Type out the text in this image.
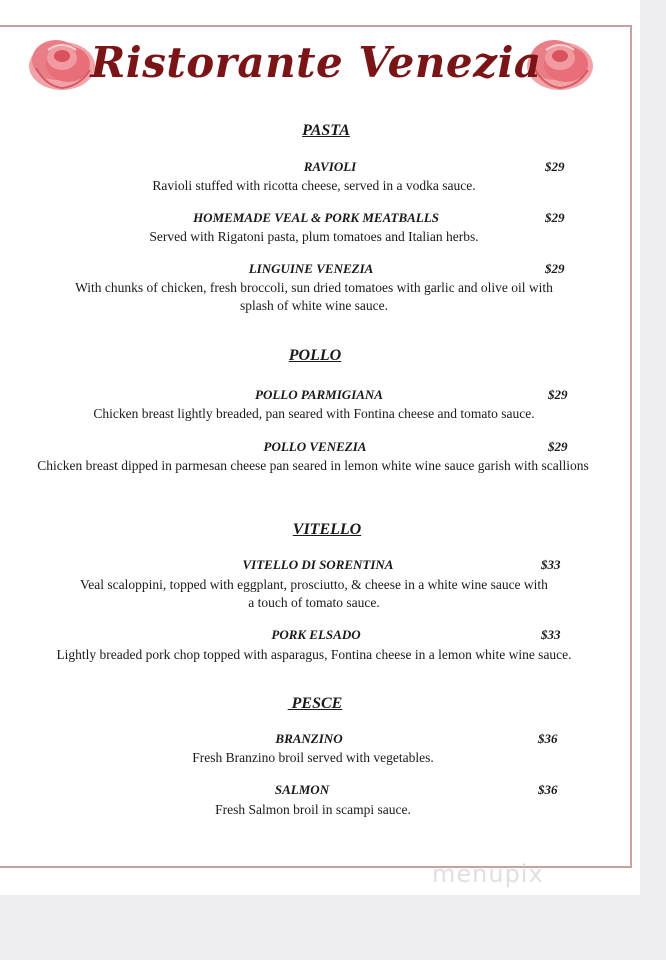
Ristorante Venezia
PASTA
RAVIOLI	$29
Ravioli stuffed with ricotta cheese, served in a vodka sauce.
HOMEMADE VEAL & PORK MEATBALLS	$29
Served with Rigatoni pasta, plum tomatoes and Italian herbs.
LINGUINE VENEZIA	$29
With chunks of chicken, fresh broccoli, sun dried tomatoes with garlic and olive oil with
splash of white wine sauce.
POLLO
POLLO PARMIGIANA	$29
Chicken breast lightly breaded, pan seared with Fontina cheese and tomato sauce.
POLLO VENEZIA	$29
Chicken breast dipped in parmesan cheese pan seared in lemon white wine sauce garish with scallions
VITELLO
VITELLO DI SORENTINA	$33
Veal scaloppini, topped with eggplant, prosciutto, & cheese in a white wine sauce with
a touch of tomato sauce.
PORK ELSADO	$33
Lightly breaded pork chop topped with asparagus, Fontina cheese in a lemon white wine sauce.
PESCE
BRANZINO	$36
Fresh Branzino broil served with vegetables.
SALMON	$36
Fresh Salmon broil in scampi sauce.
menupix
